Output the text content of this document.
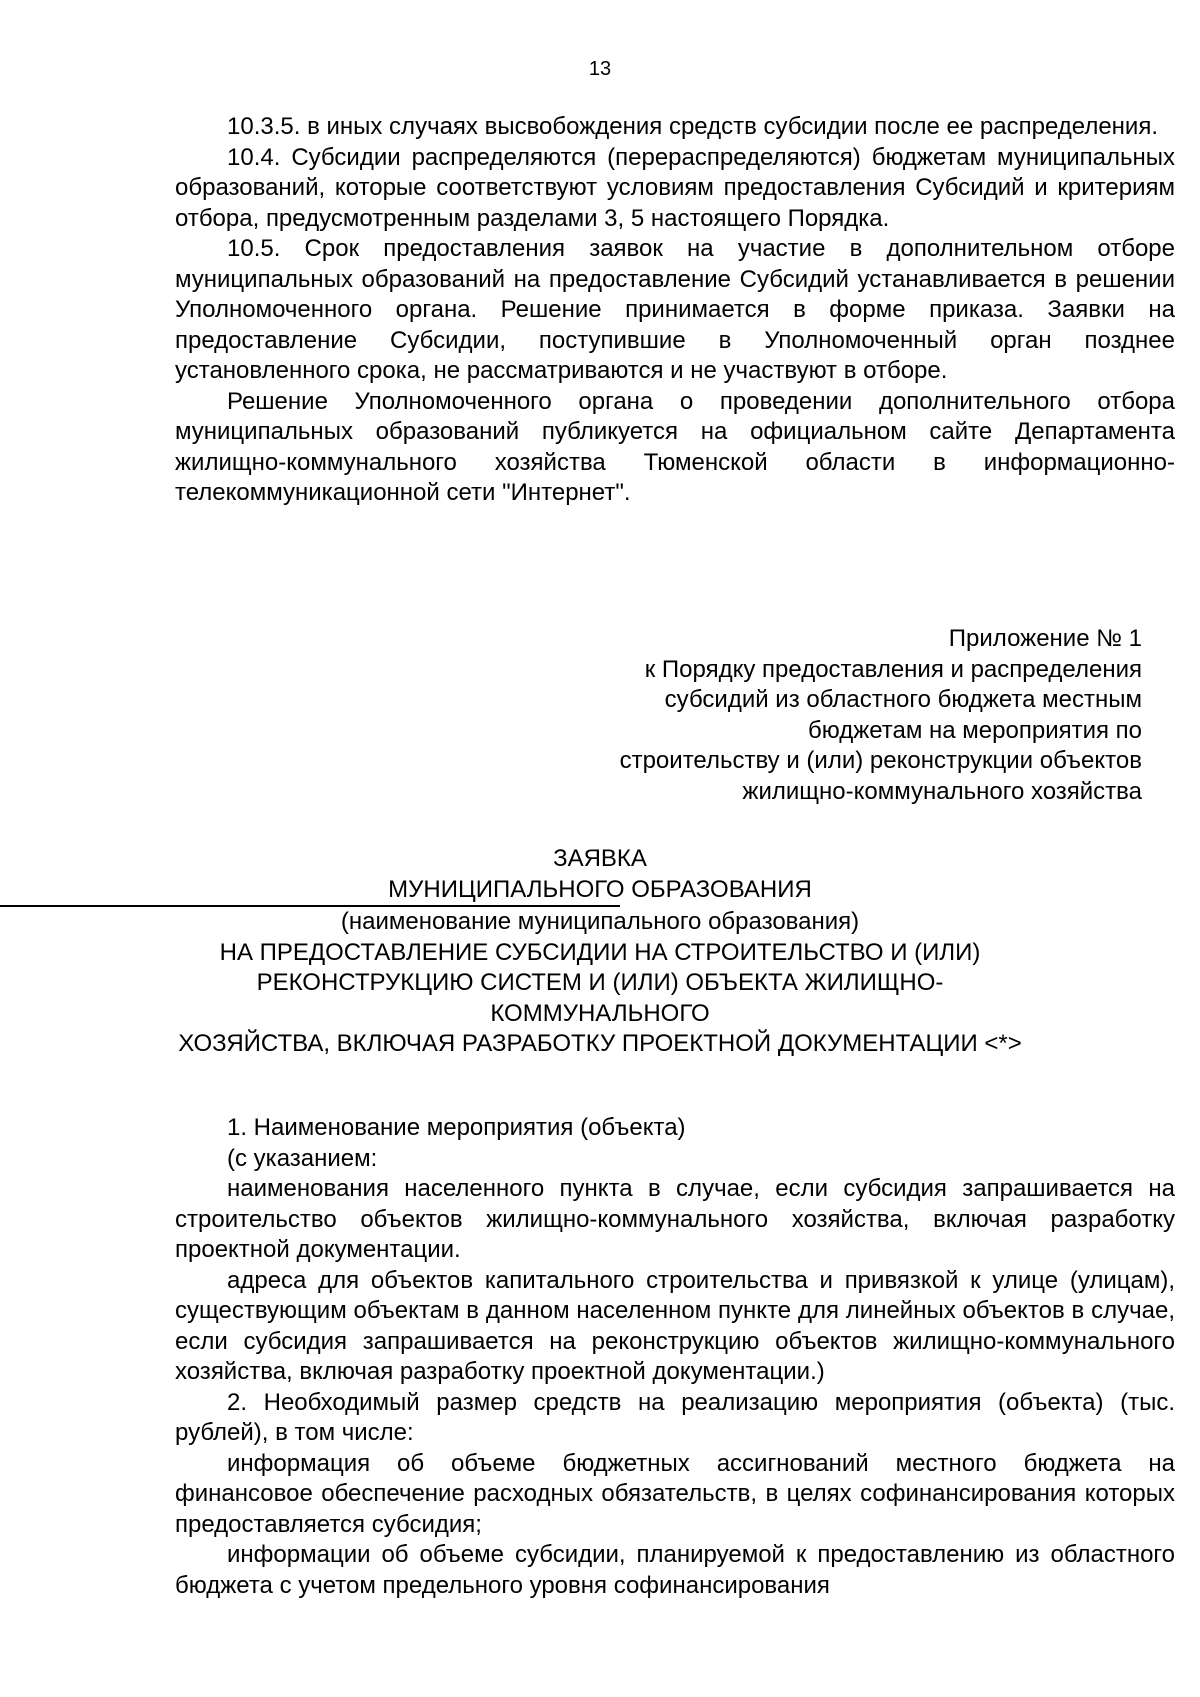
13

10.3.5. в иных случаях высвобождения средств субсидии после ее распределения.

10.4. Субсидии распределяются (перераспределяются) бюджетам муниципальных образований, которые соответствуют условиям предоставления Субсидий и критериям отбора, предусмотренным разделами 3, 5 настоящего Порядка.

10.5. Срок предоставления заявок на участие в дополнительном отборе муниципальных образований на предоставление Субсидий устанавливается в решении Уполномоченного органа. Решение принимается в форме приказа. Заявки на предоставление Субсидии, поступившие в Уполномоченный орган позднее установленного срока, не рассматриваются и не участвуют в отборе.

Решение Уполномоченного органа о проведении дополнительного отбора муниципальных образований публикуется на официальном сайте Департамента жилищно-коммунального хозяйства Тюменской области в информационно-телекоммуникационной сети "Интернет".

Приложение № 1
к Порядку предоставления и распределения
субсидий из областного бюджета местным
бюджетам на мероприятия по
строительству и (или) реконструкции объектов
жилищно-коммунального хозяйства
ЗАЯВКА
МУНИЦИПАЛЬНОГО ОБРАЗОВАНИЯ
(наименование муниципального образования)
НА ПРЕДОСТАВЛЕНИЕ СУБСИДИИ НА СТРОИТЕЛЬСТВО И (ИЛИ)
РЕКОНСТРУКЦИЮ СИСТЕМ И (ИЛИ) ОБЪЕКТА ЖИЛИЩНО-
КОММУНАЛЬНОГО
ХОЗЯЙСТВА, ВКЛЮЧАЯ РАЗРАБОТКУ ПРОЕКТНОЙ ДОКУМЕНТАЦИИ <*>

1. Наименование мероприятия (объекта)

(с указанием:

наименования населенного пункта в случае, если субсидия запрашивается на строительство объектов жилищно-коммунального хозяйства, включая разработку проектной документации.

адреса для объектов капитального строительства и привязкой к улице (улицам), существующим объектам в данном населенном пункте для линейных объектов в случае, если субсидия запрашивается на реконструкцию объектов жилищно-коммунального хозяйства, включая разработку проектной документации.)

2. Необходимый размер средств на реализацию мероприятия (объекта) (тыс. рублей), в том числе:

информация об объеме бюджетных ассигнований местного бюджета на финансовое обеспечение расходных обязательств, в целях софинансирования которых предоставляется субсидия;

информации об объеме субсидии, планируемой к предоставлению из областного бюджета с учетом предельного уровня софинансирования
